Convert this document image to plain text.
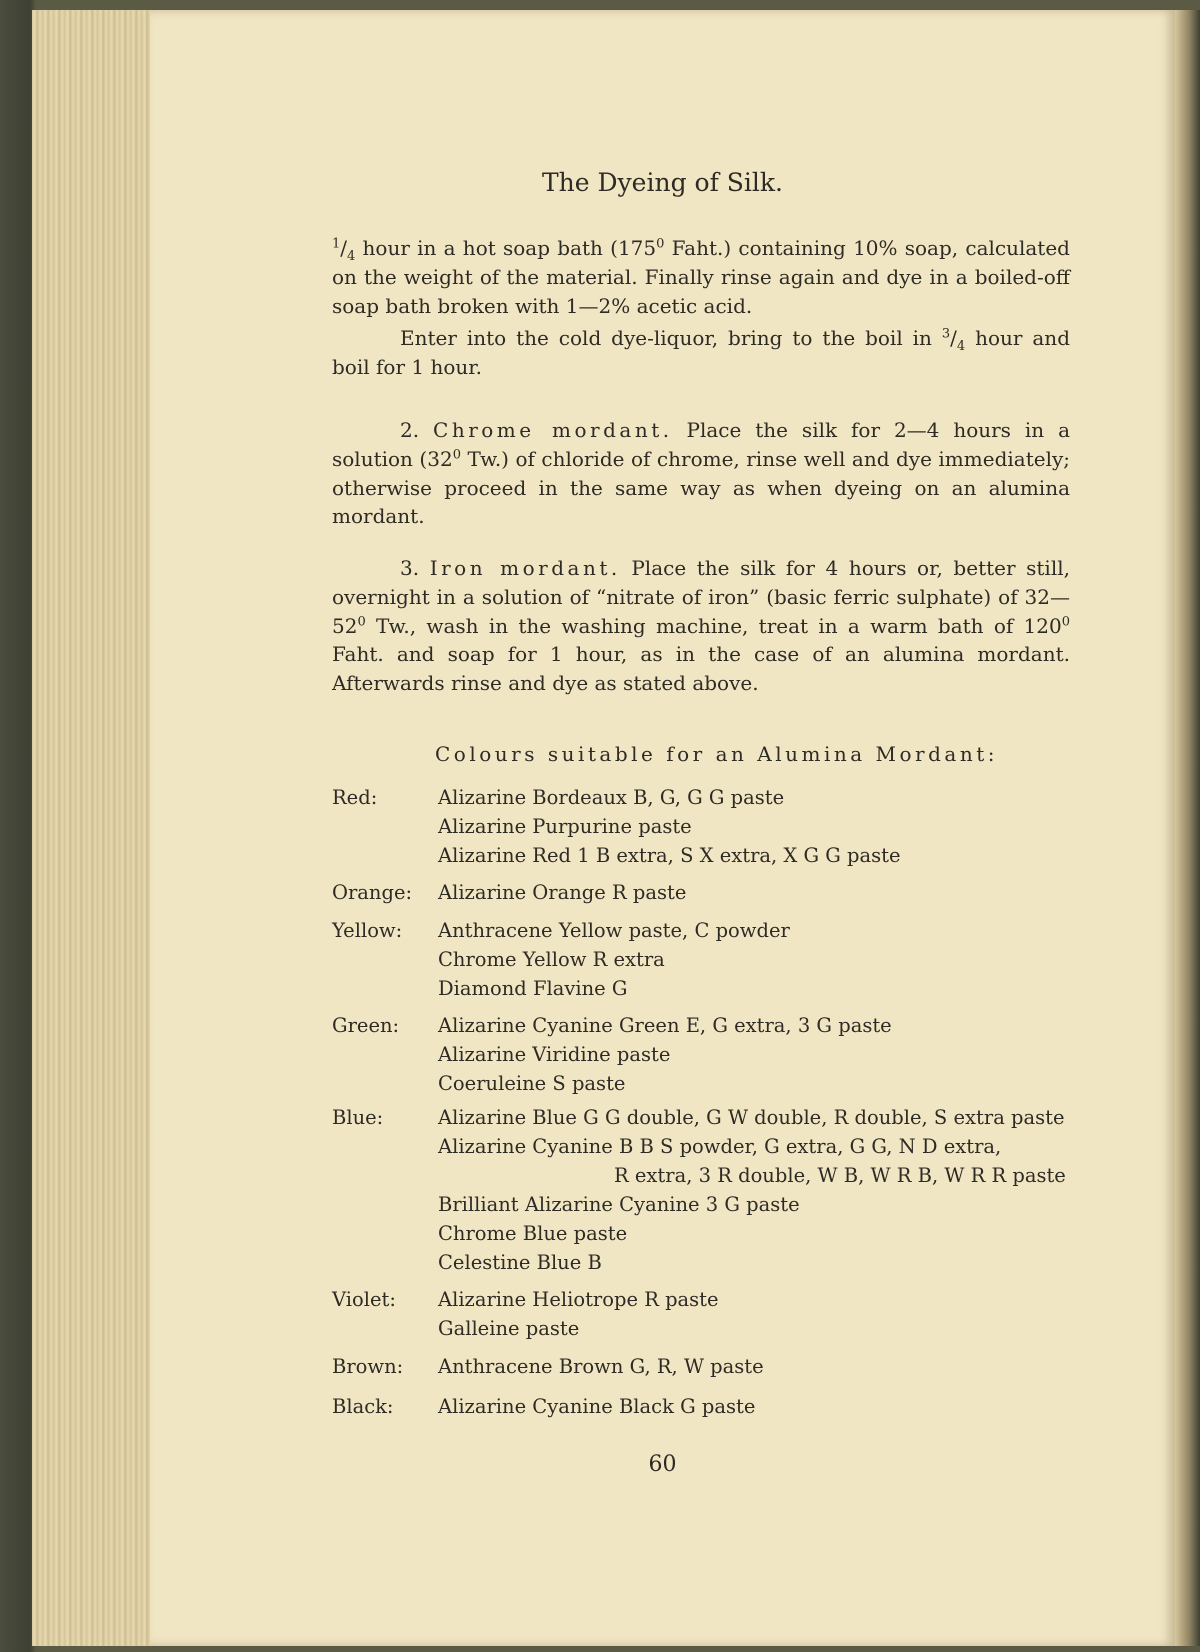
The Dyeing of Silk.

$^1/_4$ hour in a hot soap bath ($175^0$ Faht.) containing 10% soap, calculated on the weight of the material. Finally rinse again and dye in a boiled-off soap bath broken with 1—2% acetic acid.

Enter into the cold dye-liquor, bring to the boil in $^3/_4$ hour and boil for 1 hour.

2. Chrome mordant. Place the silk for 2—4 hours in a solution ($32^0$ Tw.) of chloride of chrome, rinse well and dye immediately; otherwise proceed in the same way as when dyeing on an alumina mordant.

3. Iron mordant. Place the silk for 4 hours or, better still, overnight in a solution of “nitrate of iron” (basic ferric sulphate) of $32—52^0$ Tw., wash in the washing machine, treat in a warm bath of $120^0$ Faht. and soap for 1 hour, as in the case of an alumina mordant. Afterwards rinse and dye as stated above.

Colours suitable for an Alumina Mordant:
Red:	Alizarine Bordeaux B, G, G G paste
Alizarine Purpurine paste
Alizarine Red 1 B extra, S X extra, X G G paste
Orange: Alizarine Orange R paste
Yellow: Anthracene Yellow paste, C powder
Chrome Yellow R extra
Diamond Flavine G
Green: Alizarine Cyanine Green E, G extra, 3 G paste
Alizarine Viridine paste
Coeruleine S paste
Blue:	Alizarine Blue G G double, G W double, R double, S extra paste
Alizarine Cyanine B B S powder, G extra, G G, N D extra,
R extra, 3 R double, W B, W R B, W R R paste
Brilliant Alizarine Cyanine 3 G paste
Chrome Blue paste
Celestine Blue B
Violet: Alizarine Heliotrope R paste
Galleine paste
Brown: Anthracene Brown G, R, W paste
Black: Alizarine Cyanine Black G paste
60
